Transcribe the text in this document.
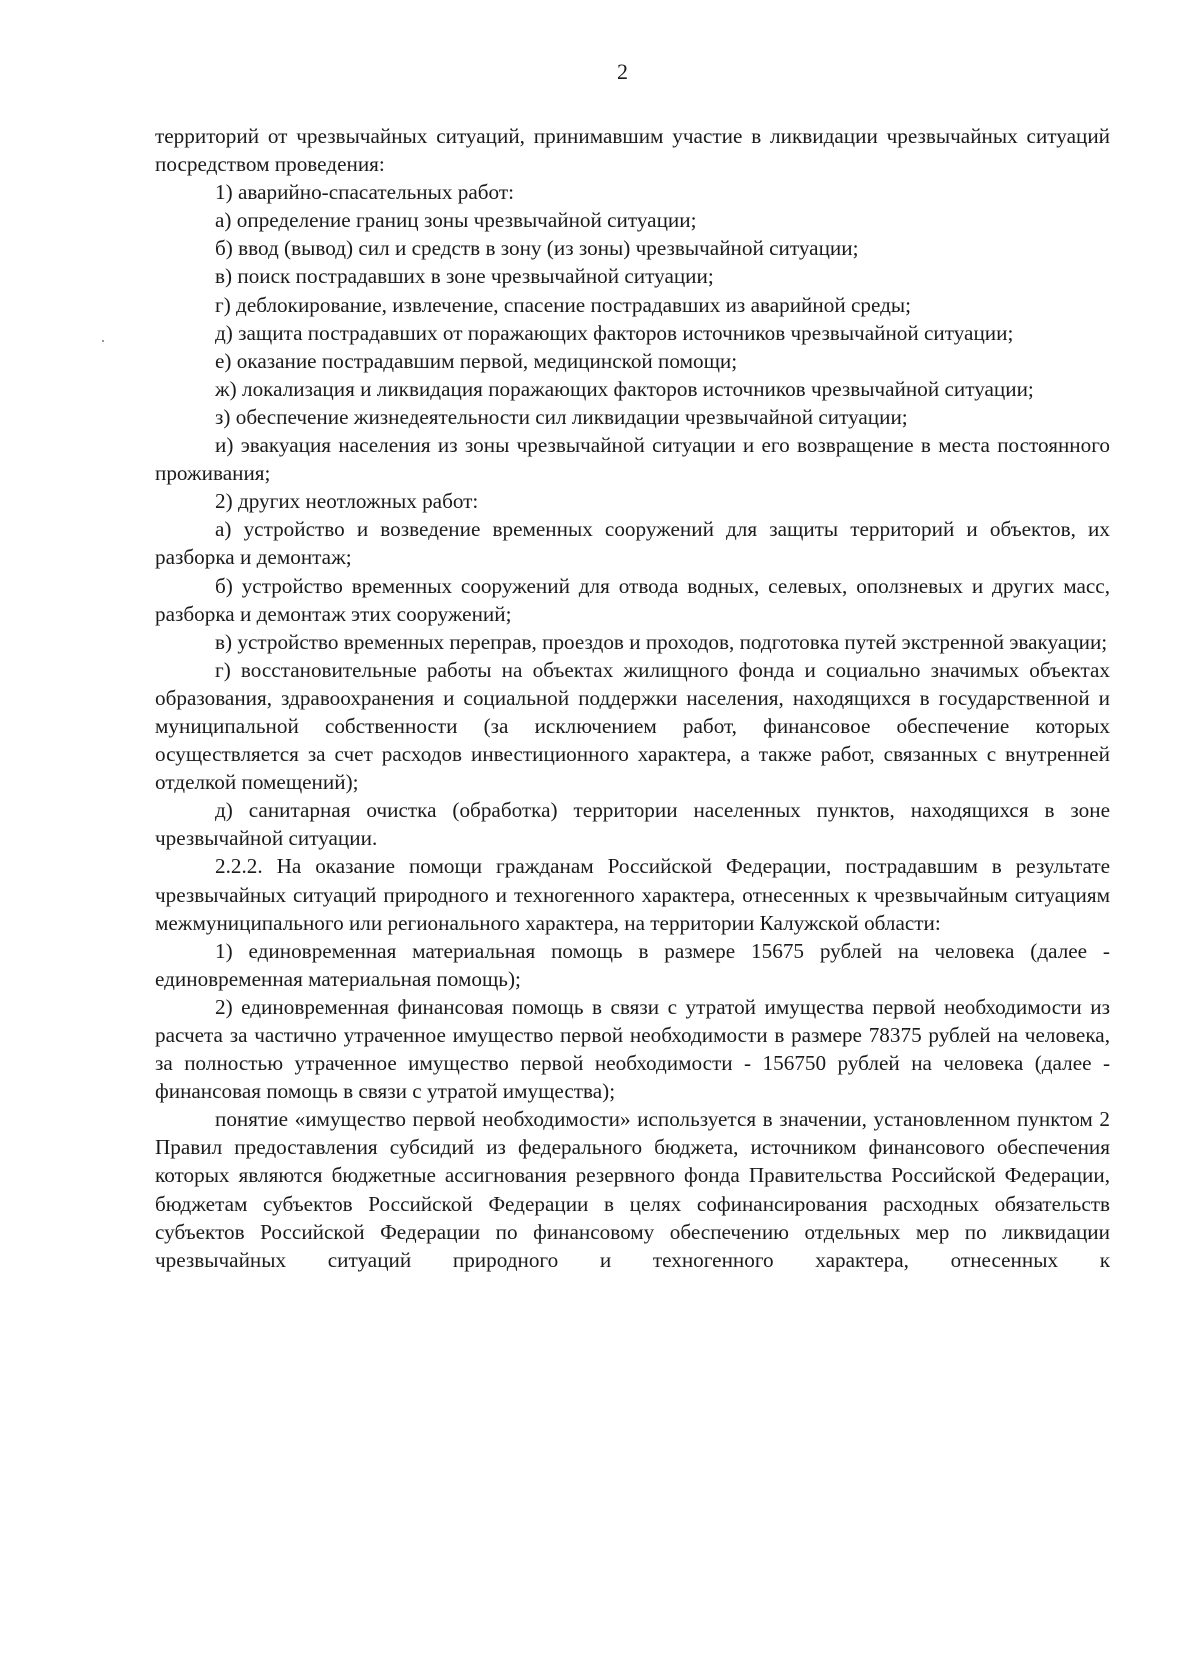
2

территорий от чрезвычайных ситуаций, принимавшим участие в ликвидации чрезвычайных ситуаций посредством проведения:

1) аварийно-спасательных работ:

а) определение границ зоны чрезвычайной ситуации;

б) ввод (вывод) сил и средств в зону (из зоны) чрезвычайной ситуации;

в) поиск пострадавших в зоне чрезвычайной ситуации;

г) деблокирование, извлечение, спасение пострадавших из аварийной среды;

д) защита пострадавших от поражающих факторов источников чрезвычайной ситуации;

е) оказание пострадавшим первой, медицинской помощи;

ж) локализация и ликвидация поражающих факторов источников чрезвычайной ситуации;

з) обеспечение жизнедеятельности сил ликвидации чрезвычайной ситуации;

и) эвакуация населения из зоны чрезвычайной ситуации и его возвращение в места постоянного проживания;

2) других неотложных работ:

а) устройство и возведение временных сооружений для защиты территорий и объектов, их разборка и демонтаж;

б) устройство временных сооружений для отвода водных, селевых, оползневых и других масс, разборка и демонтаж этих сооружений;

в) устройство временных переправ, проездов и проходов, подготовка путей экстренной эвакуации;

г) восстановительные работы на объектах жилищного фонда и социально значимых объектах образования, здравоохранения и социальной поддержки населения, находящихся в государственной и муниципальной собственности (за исключением работ, финансовое обеспечение которых осуществляется за счет расходов инвестиционного характера, а также работ, связанных с внутренней отделкой помещений);

д) санитарная очистка (обработка) территории населенных пунктов, находящихся в зоне чрезвычайной ситуации.

2.2.2. На оказание помощи гражданам Российской Федерации, пострадавшим в результате чрезвычайных ситуаций природного и техногенного характера, отнесенных к чрезвычайным ситуациям межмуниципального или регионального характера, на территории Калужской области:

1) единовременная материальная помощь в размере 15675 рублей на человека (далее - единовременная материальная помощь);

2) единовременная финансовая помощь в связи с утратой имущества первой необходимости из расчета за частично утраченное имущество первой необходимости в размере 78375 рублей на человека, за полностью утраченное имущество первой необходимости - 156750 рублей на человека (далее - финансовая помощь в связи с утратой имущества);

понятие «имущество первой необходимости» используется в значении, установленном пунктом 2 Правил предоставления субсидий из федерального бюджета, источником финансового обеспечения которых являются бюджетные ассигнования резервного фонда Правительства Российской Федерации, бюджетам субъектов Российской Федерации в целях софинансирования расходных обязательств субъектов Российской Федерации по финансовому обеспечению отдельных мер по ликвидации чрезвычайных ситуаций природного и техногенного характера, отнесенных к
